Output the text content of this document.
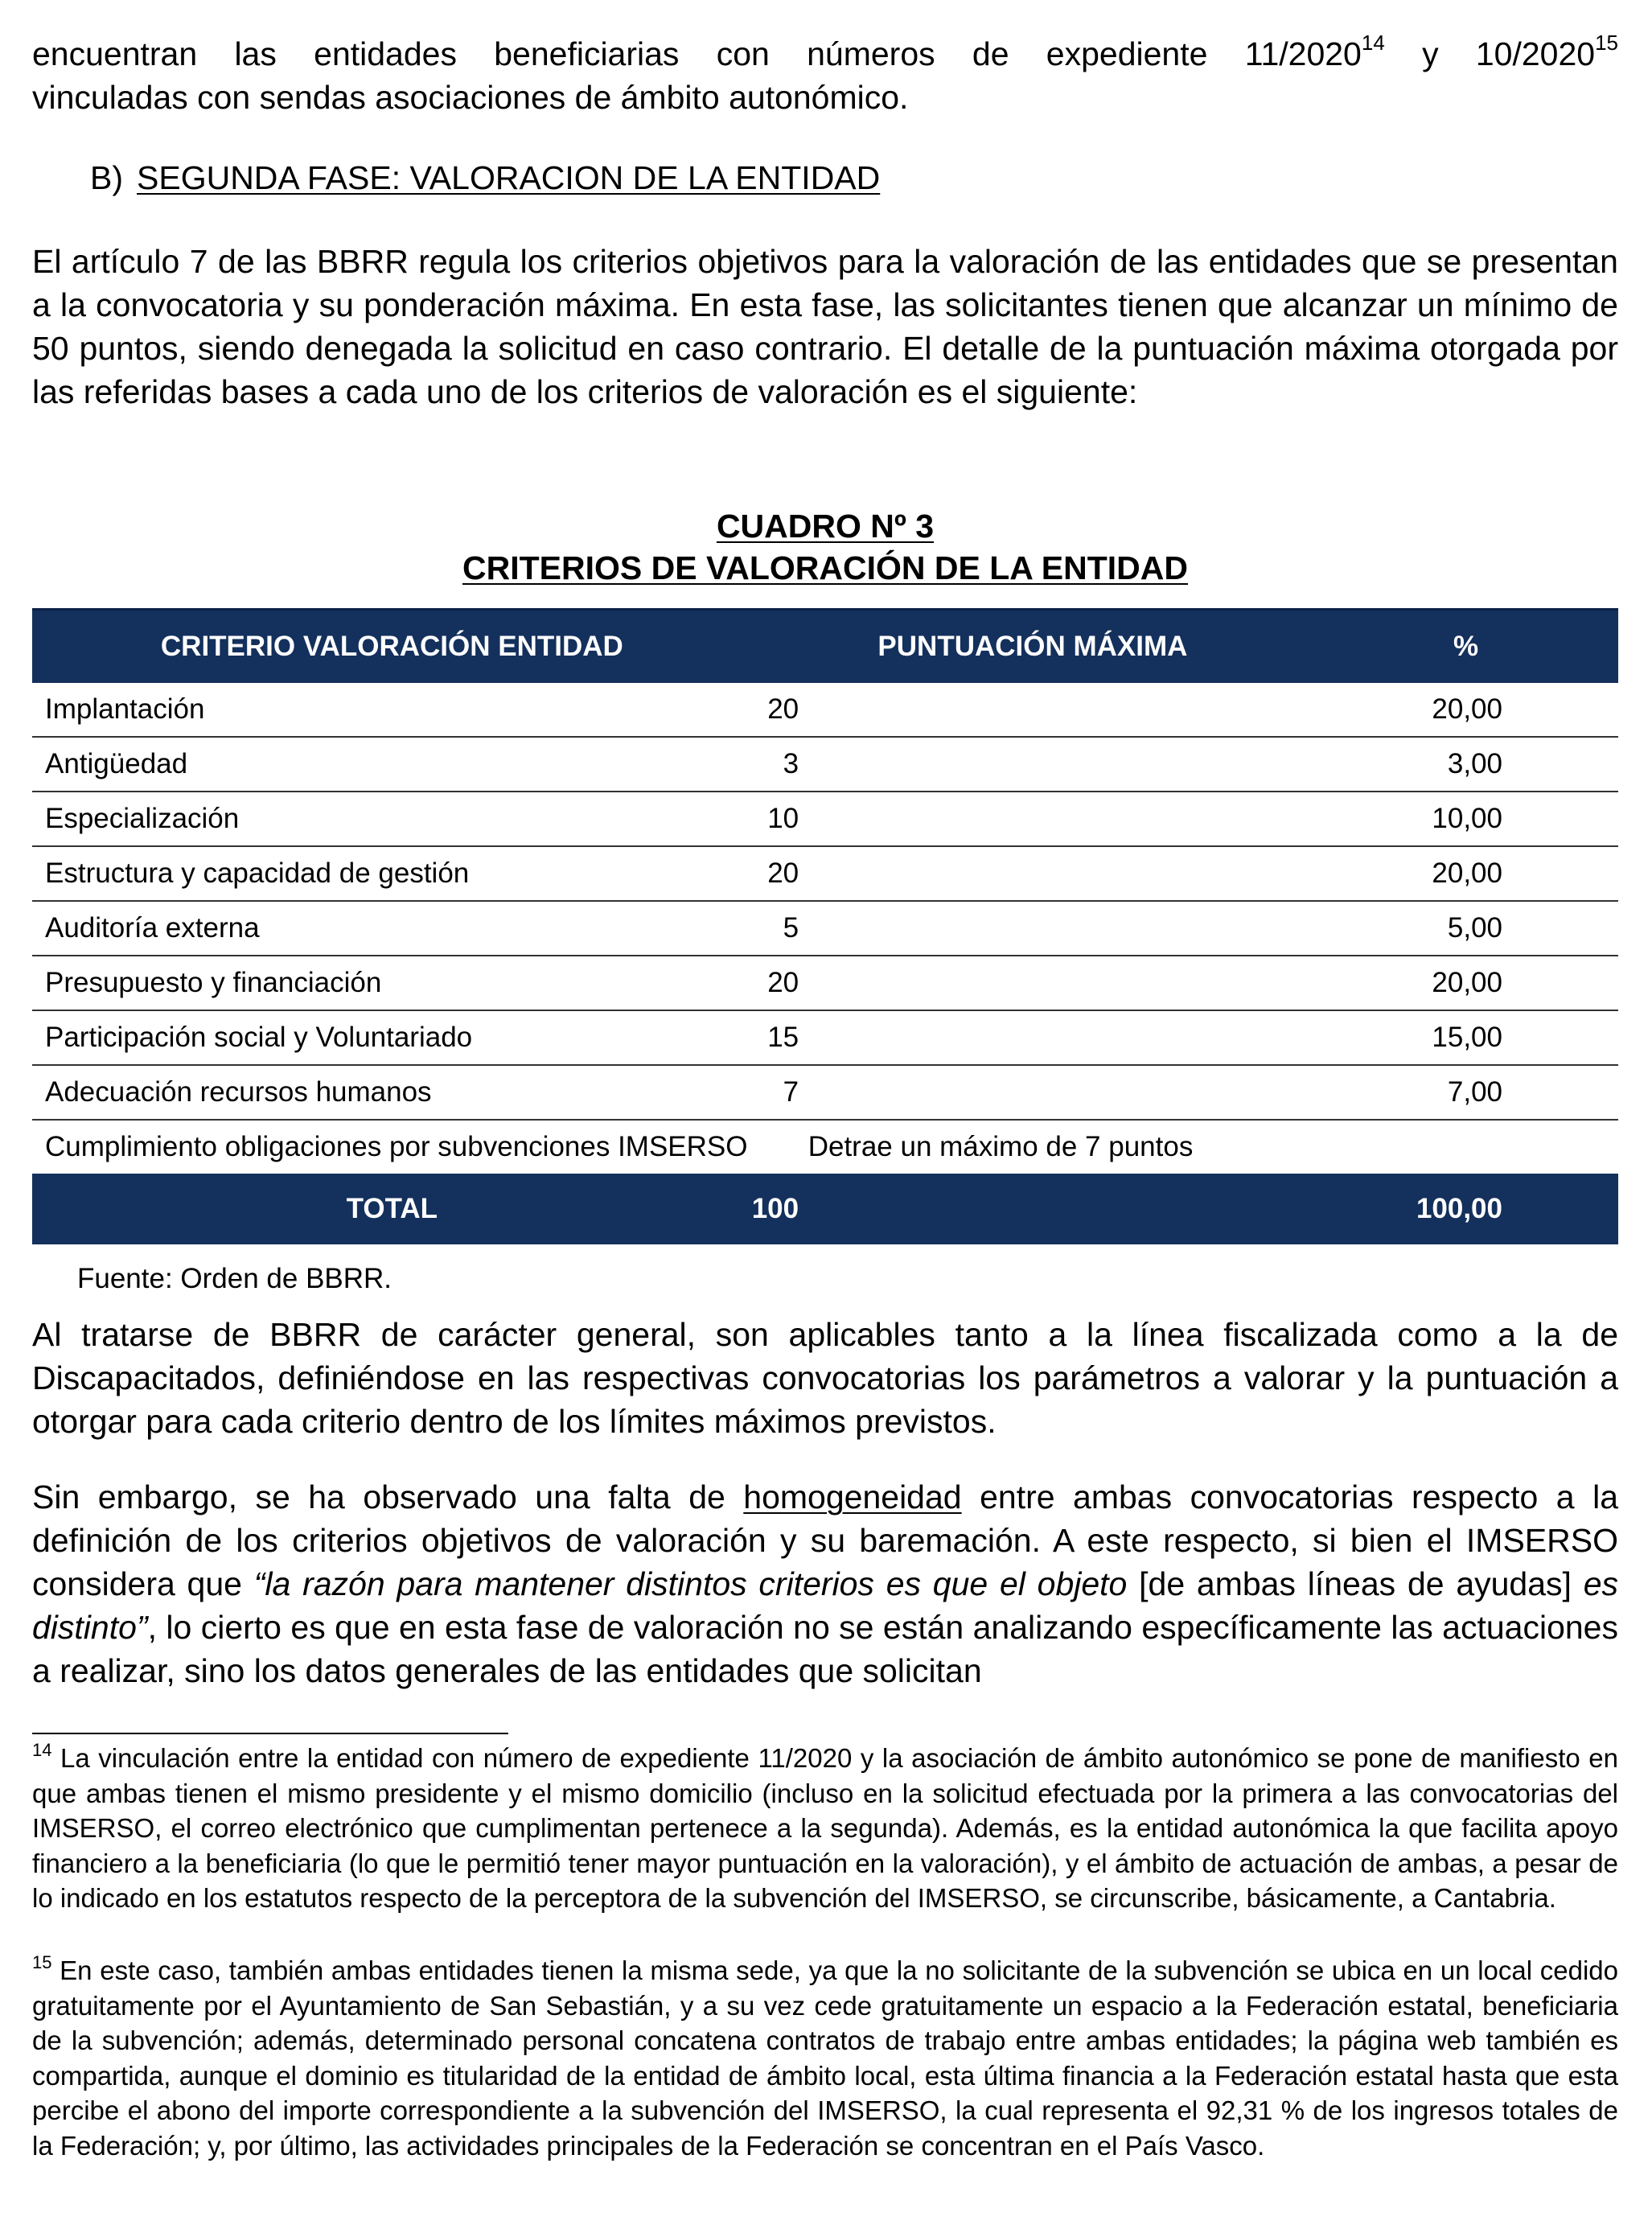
encuentran las entidades beneficiarias con números de expediente 11/2020$^{14}$ y 10/2020$^{15}$
vinculadas con sendas asociaciones de ámbito autonómico.
B) SEGUNDA FASE: VALORACION DE LA ENTIDAD
El artículo 7 de las BBRR regula los criterios objetivos para la valoración de las entidades que se presentan a la convocatoria y su ponderación máxima. En esta fase, las solicitantes tienen que alcanzar un mínimo de 50 puntos, siendo denegada la solicitud en caso contrario. El detalle de la puntuación máxima otorgada por las referidas bases a cada uno de los criterios de valoración es el siguiente:
CUADRO Nº 3
CRITERIOS DE VALORACIÓN DE LA ENTIDAD
CRITERIO VALORACIÓN ENTIDAD	PUNTUACIÓN MÁXIMA	%
Implantación	20	20,00
Antigüedad	3	3,00
Especialización	10	10,00
Estructura y capacidad de gestión	20	20,00
Auditoría externa	5	5,00
Presupuesto y financiación	20	20,00
Participación social y Voluntariado	15	15,00
Adecuación recursos humanos	7	7,00
Cumplimiento obligaciones por subvenciones IMSERSO	Detrae un máximo de 7 puntos	
TOTAL	100	100,00
Fuente: Orden de BBRR.
Al tratarse de BBRR de carácter general, son aplicables tanto a la línea fiscalizada como a la de Discapacitados, definiéndose en las respectivas convocatorias los parámetros a valorar y la puntuación a otorgar para cada criterio dentro de los límites máximos previstos.
Sin embargo, se ha observado una falta de homogeneidad entre ambas convocatorias respecto a la definición de los criterios objetivos de valoración y su baremación. A este respecto, si bien el IMSERSO considera que “la razón para mantener distintos criterios es que el objeto [de ambas líneas de ayudas] es distinto”, lo cierto es que en esta fase de valoración no se están analizando específicamente las actuaciones a realizar, sino los datos generales de las entidades que solicitan
$^{14}$ La vinculación entre la entidad con número de expediente 11/2020 y la asociación de ámbito autonómico se pone de manifiesto en que ambas tienen el mismo presidente y el mismo domicilio (incluso en la solicitud efectuada por la primera a las convocatorias del IMSERSO, el correo electrónico que cumplimentan pertenece a la segunda). Además, es la entidad autonómica la que facilita apoyo financiero a la beneficiaria (lo que le permitió tener mayor puntuación en la valoración), y el ámbito de actuación de ambas, a pesar de lo indicado en los estatutos respecto de la perceptora de la subvención del IMSERSO, se circunscribe, básicamente, a Cantabria.
$^{15}$ En este caso, también ambas entidades tienen la misma sede, ya que la no solicitante de la subvención se ubica en un local cedido gratuitamente por el Ayuntamiento de San Sebastián, y a su vez cede gratuitamente un espacio a la Federación estatal, beneficiaria de la subvención; además, determinado personal concatena contratos de trabajo entre ambas entidades; la página web también es compartida, aunque el dominio es titularidad de la entidad de ámbito local, esta última financia a la Federación estatal hasta que esta percibe el abono del importe correspondiente a la subvención del IMSERSO, la cual representa el 92,31 % de los ingresos totales de la Federación; y, por último, las actividades principales de la Federación se concentran en el País Vasco.
